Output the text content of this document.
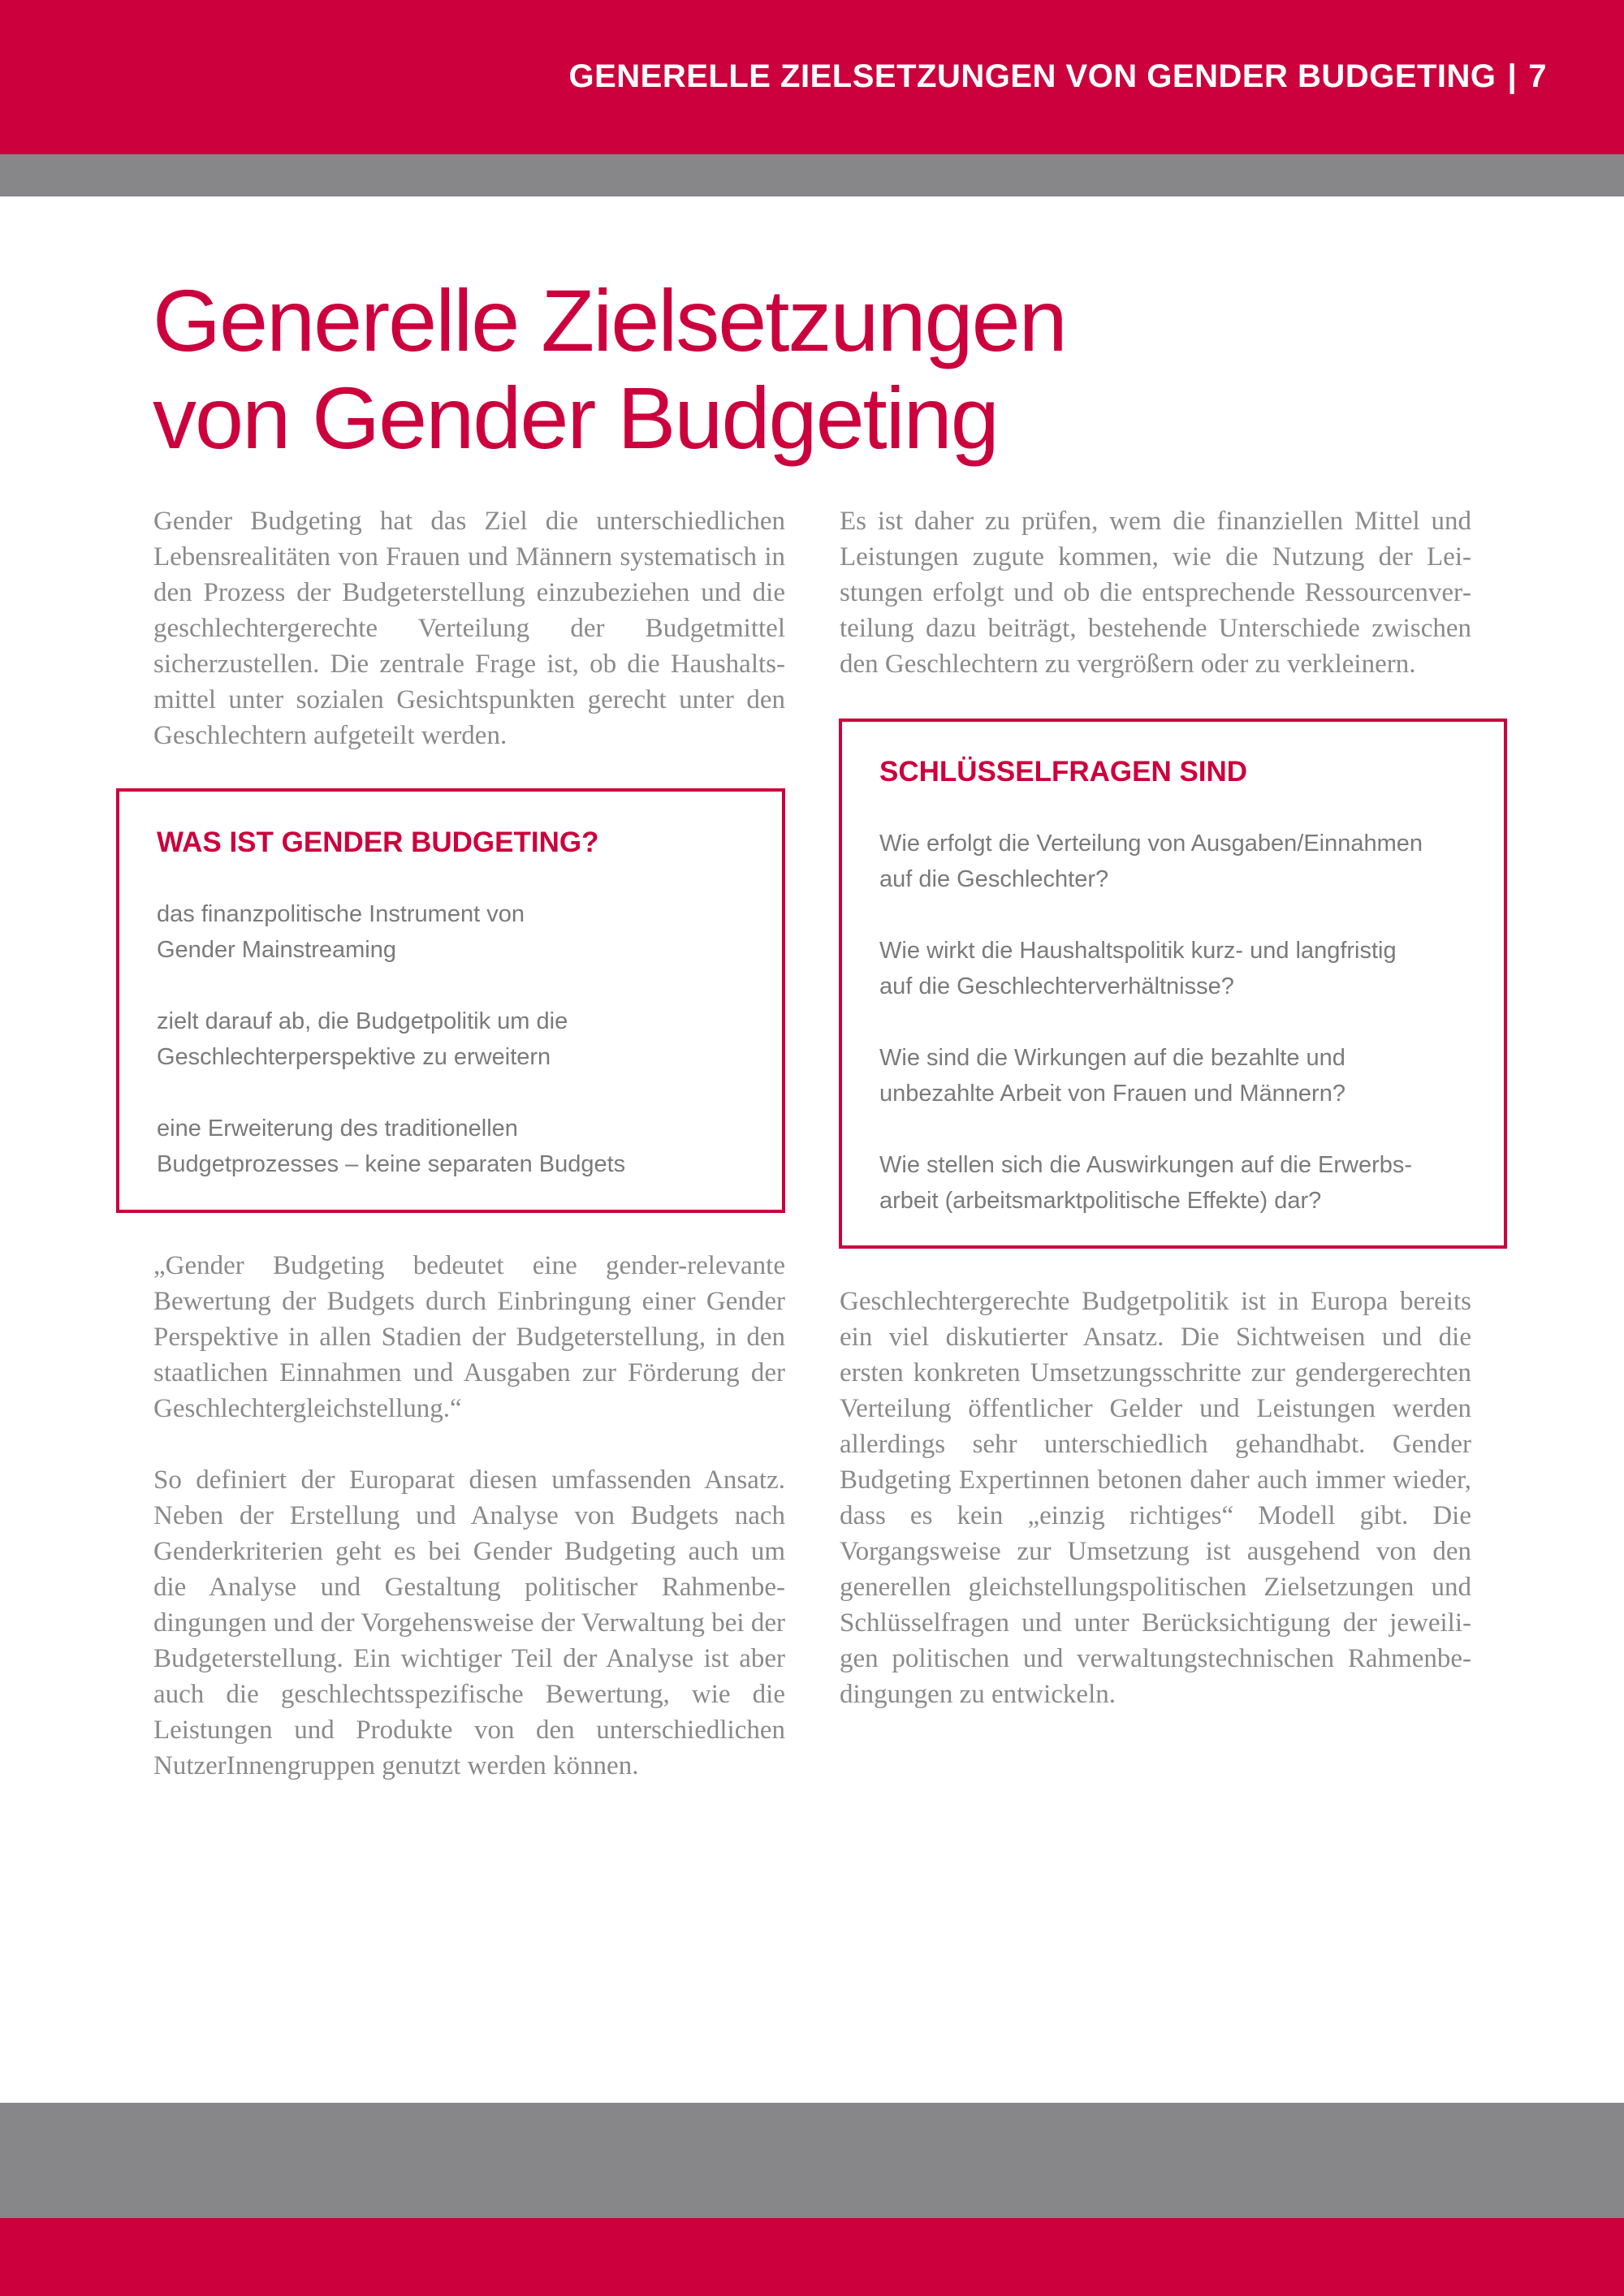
GENERELLE ZIELSETZUNGEN VON GENDER BUDGETING | 7
Generelle Zielsetzungen
von Gender Budgeting

Gender Budgeting hat das Ziel die unterschiedlichen Lebensrealitäten von Frauen und Männern systematisch in den Prozess der Budgeterstellung einzubeziehen und die geschlechtergerechte Verteilung der Budgetmittel sicherzustellen. Die zentrale Frage ist, ob die Haushaltsmittel unter sozialen Gesichtspunkten gerecht unter den Geschlechtern aufgeteilt werden.

WAS IST GENDER BUDGETING?

das finanzpolitische Instrument von
Gender Mainstreaming

zielt darauf ab, die Budgetpolitik um die
Geschlechterperspektive zu erweitern

eine Erweiterung des traditionellen
Budgetprozesses – keine separaten Budgets

„Gender Budgeting bedeutet eine gender-relevante Bewertung der Budgets durch Einbringung einer Gender Perspektive in allen Stadien der Budgeterstellung, in den staatlichen Einnahmen und Ausgaben zur Förderung der Geschlechtergleichstellung.“

So definiert der Europarat diesen umfassenden Ansatz. Neben der Erstellung und Analyse von Budgets nach Genderkriterien geht es bei Gender Budgeting auch um die Analyse und Gestaltung politischer Rahmenbedingungen und der Vorgehensweise der Verwaltung bei der Budgeterstellung. Ein wichtiger Teil der Analyse ist aber auch die geschlechtsspezifische Bewertung, wie die Leistungen und Produkte von den unterschiedlichen NutzerInnengruppen genutzt werden können.

Es ist daher zu prüfen, wem die finanziellen Mittel und Leistungen zugute kommen, wie die Nutzung der Leistungen erfolgt und ob die entsprechende Ressourcenverteilung dazu beiträgt, bestehende Unterschiede zwischen den Geschlechtern zu vergrößern oder zu verkleinern.

SCHLÜSSELFRAGEN SIND

Wie erfolgt die Verteilung von Ausgaben/Einnahmen
auf die Geschlechter?

Wie wirkt die Haushaltspolitik kurz- und langfristig
auf die Geschlechterverhältnisse?

Wie sind die Wirkungen auf die bezahlte und
unbezahlte Arbeit von Frauen und Männern?

Wie stellen sich die Auswirkungen auf die Erwerbs-
arbeit (arbeitsmarktpolitische Effekte) dar?

Geschlechtergerechte Budgetpolitik ist in Europa bereits ein viel diskutierter Ansatz. Die Sichtweisen und die ersten konkreten Umsetzungsschritte zur gendergerechten Verteilung öffentlicher Gelder und Leistungen werden allerdings sehr unterschiedlich gehandhabt. Gender Budgeting Expertinnen betonen daher auch immer wieder, dass es kein „einzig richtiges“ Modell gibt. Die Vorgangsweise zur Umsetzung ist ausgehend von den generellen gleichstellungspolitischen Zielsetzungen und Schlüsselfragen und unter Berücksichtigung der jeweiligen politischen und verwaltungstechnischen Rahmenbedingungen zu entwickeln.
